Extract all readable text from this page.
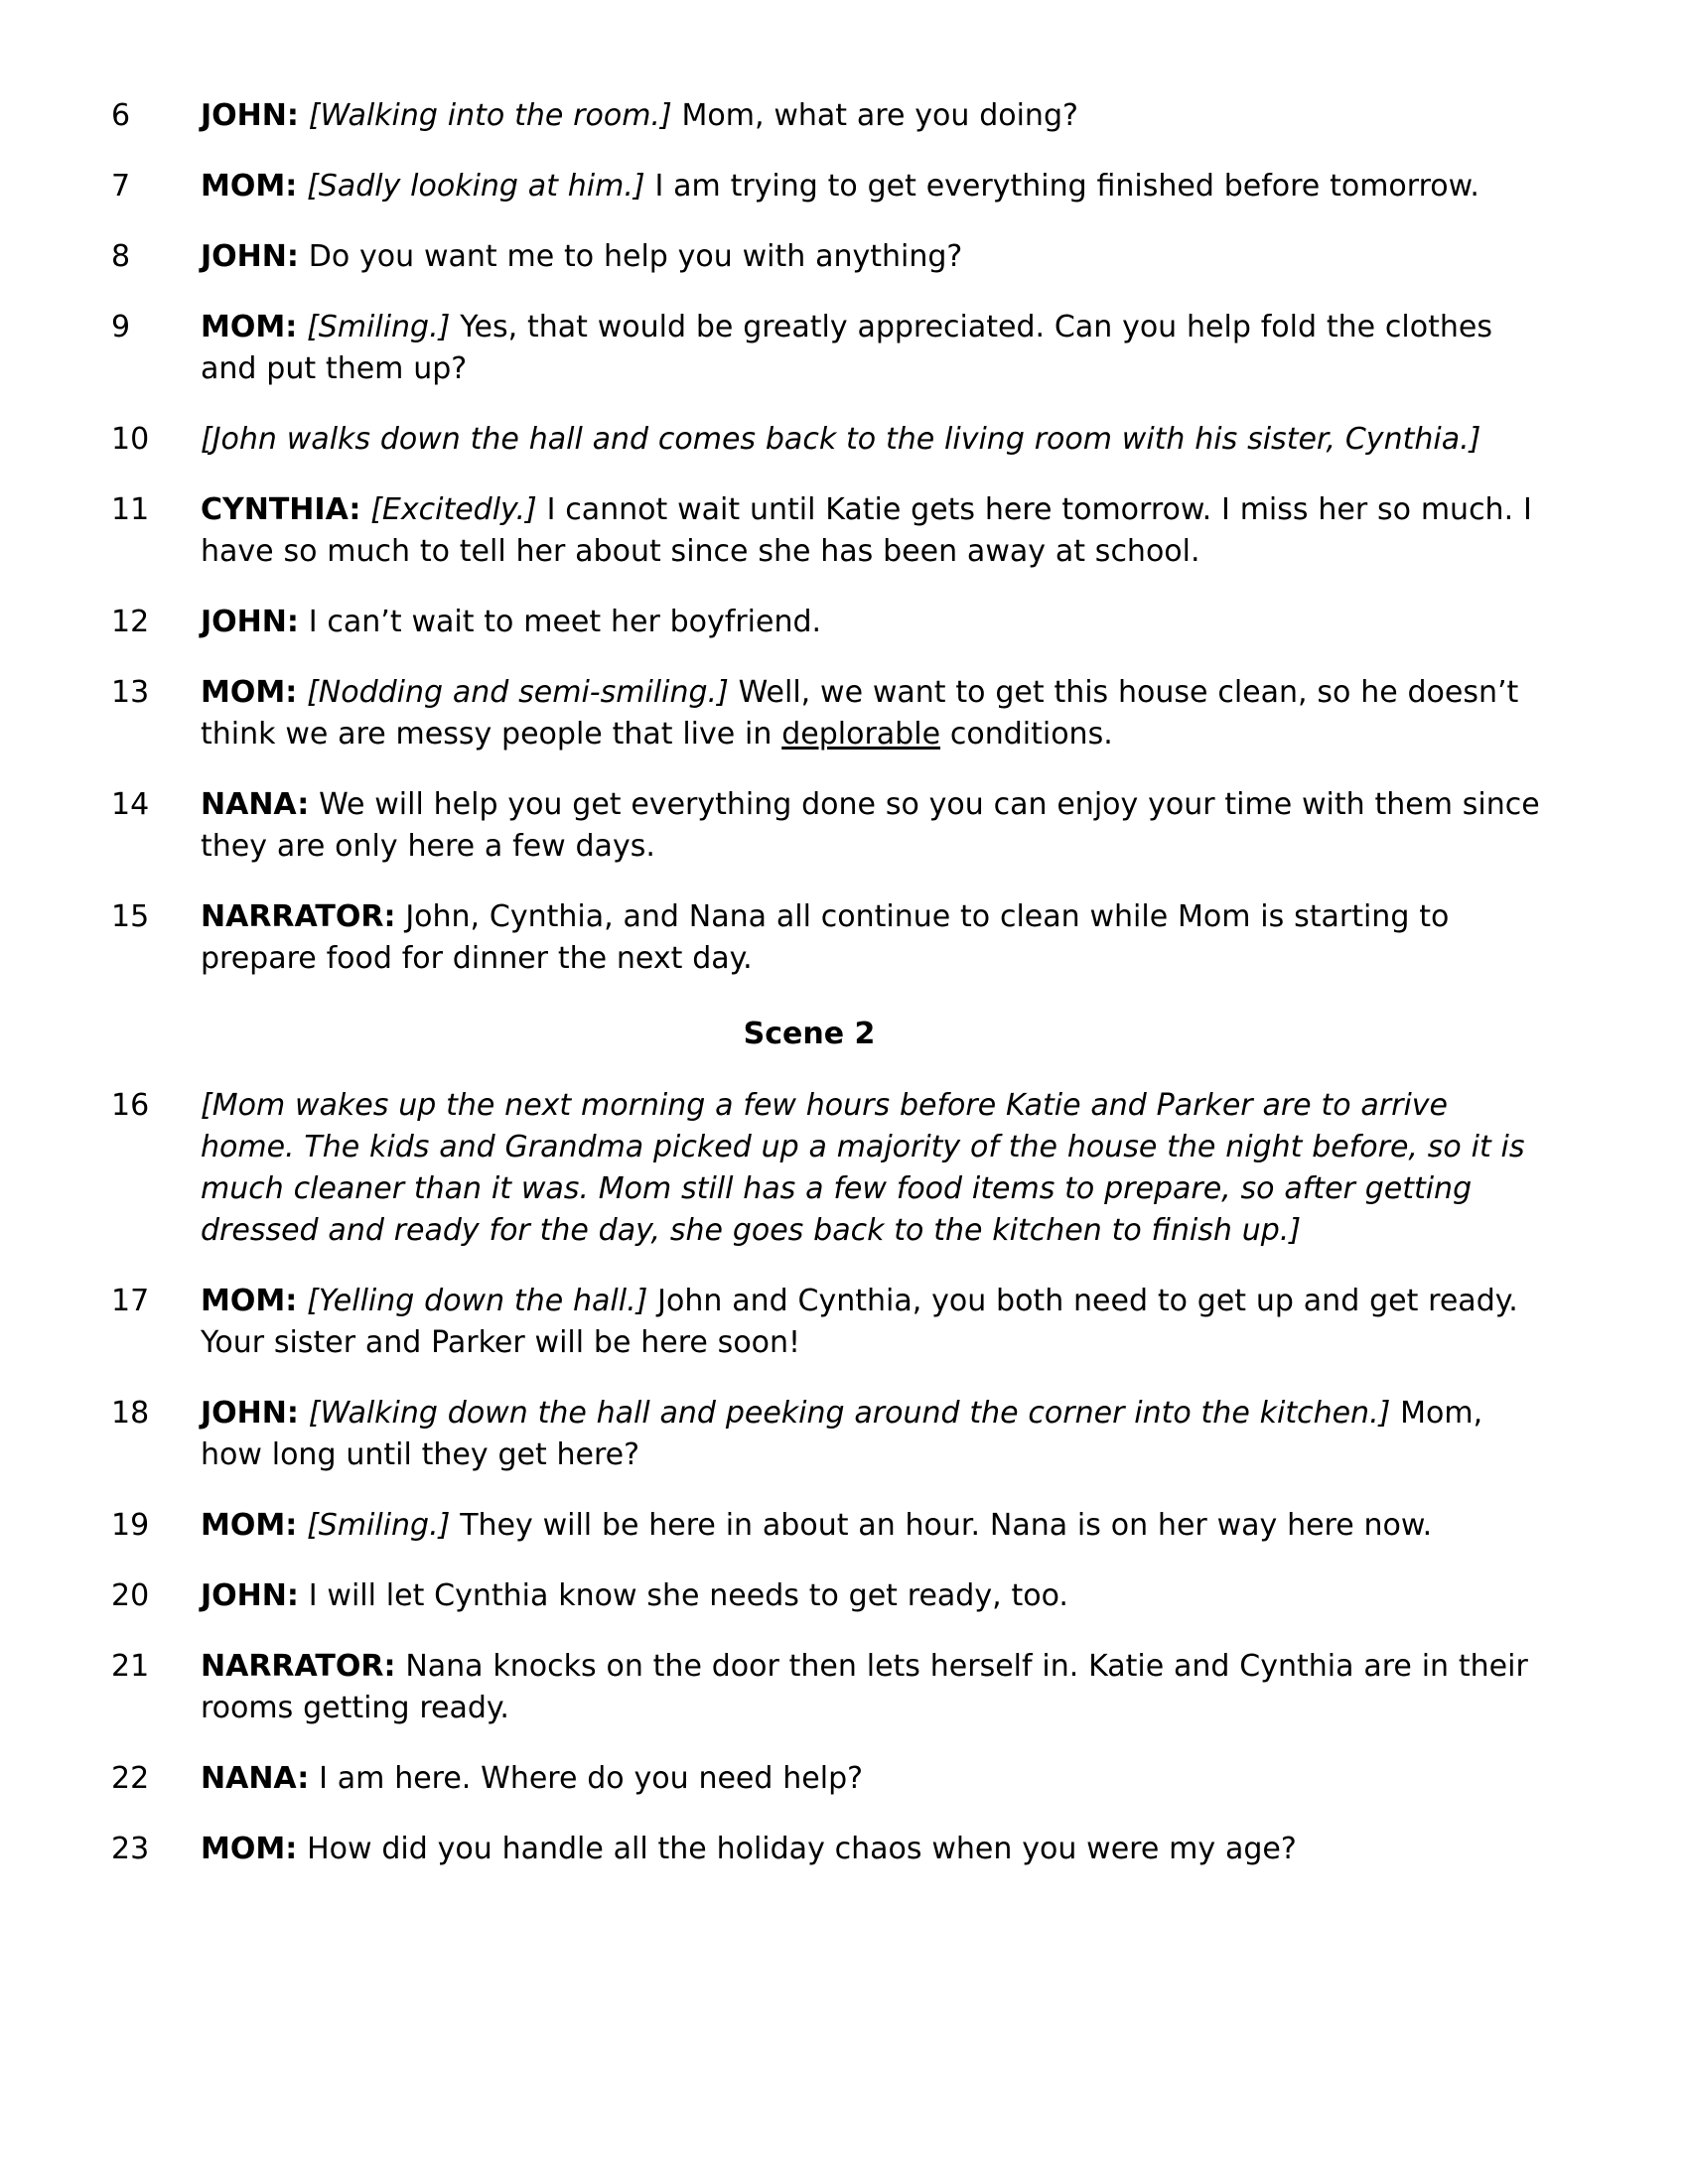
6	JOHN: [Walking into the room.] Mom, what are you doing?
7	MOM: [Sadly looking at him.] I am trying to get everything finished before tomorrow.
8	JOHN: Do you want me to help you with anything?
9	MOM: [Smiling.] Yes, that would be greatly appreciated. Can you help fold the clothes and put them up?
10	[John walks down the hall and comes back to the living room with his sister, Cynthia.]
11	CYNTHIA: [Excitedly.] I cannot wait until Katie gets here tomorrow. I miss her so much. I have so much to tell her about since she has been away at school.
12	JOHN: I can’t wait to meet her boyfriend.
13	MOM: [Nodding and semi-smiling.] Well, we want to get this house clean, so he doesn’t think we are messy people that live in deplorable conditions.
14	NANA: We will help you get everything done so you can enjoy your time with them since they are only here a few days.
15	NARRATOR: John, Cynthia, and Nana all continue to clean while Mom is starting to prepare food for dinner the next day.
Scene 2
16	[Mom wakes up the next morning a few hours before Katie and Parker are to arrive home. The kids and Grandma picked up a majority of the house the night before, so it is much cleaner than it was. Mom still has a few food items to prepare, so after getting dressed and ready for the day, she goes back to the kitchen to finish up.]
17	MOM: [Yelling down the hall.] John and Cynthia, you both need to get up and get ready. Your sister and Parker will be here soon!
18	JOHN: [Walking down the hall and peeking around the corner into the kitchen.] Mom, how long until they get here?
19	MOM: [Smiling.] They will be here in about an hour. Nana is on her way here now.
20	JOHN: I will let Cynthia know she needs to get ready, too.
21	NARRATOR: Nana knocks on the door then lets herself in. Katie and Cynthia are in their rooms getting ready.
22	NANA: I am here. Where do you need help?
23	MOM: How did you handle all the holiday chaos when you were my age?
